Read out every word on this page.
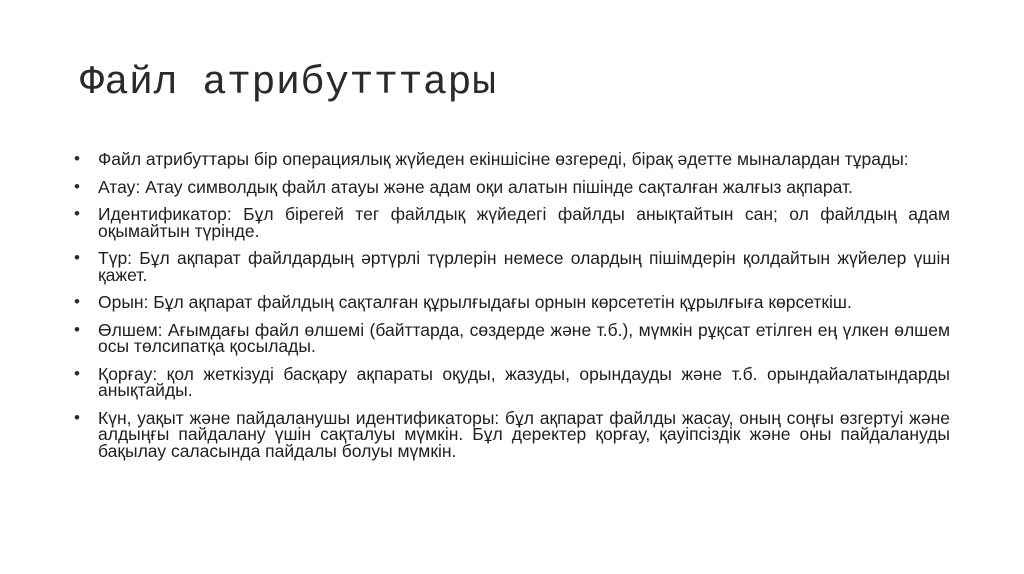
Файл атрибутттары
•	Файл атрибуттары бір операциялық жүйеден екіншісіне өзгереді, бірақ әдетте мыналардан тұрады:
•	Атау: Атау символдық файл атауы және адам оқи алатын пішінде сақталған жалғыз ақпарат.
•	Идентификатор: Бұл бірегей тег файлдық жүйедегі файлды анықтайтын сан; ол файлдың адам оқымайтын түрінде.
•	Түр: Бұл ақпарат файлдардың әртүрлі түрлерін немесе олардың пішімдерін қолдайтын жүйелер үшін қажет.
•	Орын: Бұл ақпарат файлдың сақталған құрылғыдағы орнын көрсететін құрылғыға көрсеткіш.
•	Өлшем: Ағымдағы файл өлшемі (байттарда, сөздерде және т.б.), мүмкін рұқсат етілген ең үлкен өлшем осы төлсипатқа қосылады.
•	Қорғау: қол жеткізуді басқару ақпараты оқуды, жазуды, орындауды және т.б. орындайалатындарды анықтайды.
•	Күн, уақыт және пайдаланушы идентификаторы: бұл ақпарат файлды жасау, оның соңғы өзгертуі және алдыңғы пайдалану үшін сақталуы мүмкін. Бұл деректер қорғау, қауіпсіздік және оны пайдалануды бақылау саласында пайдалы болуы мүмкін.
